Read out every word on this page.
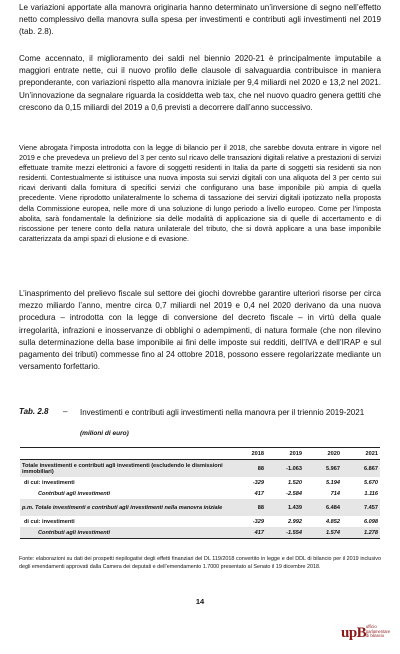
Le variazioni apportate alla manovra originaria hanno determinato un’inversione di segno nell’effetto netto complessivo della manovra sulla spesa per investimenti e contributi agli investimenti nel 2019 (tab. 2.8).

Come accennato, il miglioramento dei saldi nel biennio 2020-21 è principalmente imputabile a maggiori entrate nette, cui il nuovo profilo delle clausole di salvaguardia contribuisce in maniera preponderante, con variazioni rispetto alla manovra iniziale per 9,4 miliardi nel 2020 e 13,2 nel 2021. Un’innovazione da segnalare riguarda la cosiddetta web tax, che nel nuovo quadro genera gettiti che crescono da 0,15 miliardi del 2019 a 0,6 previsti a decorrere dall’anno successivo.

Viene abrogata l’imposta introdotta con la legge di bilancio per il 2018, che sarebbe dovuta entrare in vigore nel 2019 e che prevedeva un prelievo del 3 per cento sul ricavo delle transazioni digitali relative a prestazioni di servizi effettuate tramite mezzi elettronici a favore di soggetti residenti in Italia da parte di soggetti sia residenti sia non residenti. Contestualmente si istituisce una nuova imposta sui servizi digitali con una aliquota del 3 per cento sui ricavi derivanti dalla fornitura di specifici servizi che configurano una base imponibile più ampia di quella precedente. Viene riprodotto unilateralmente lo schema di tassazione dei servizi digitali ipotizzato nella proposta della Commissione europea, nelle more di una soluzione di lungo periodo a livello europeo. Come per l’imposta abolita, sarà fondamentale la definizione sia delle modalità di applicazione sia di quelle di accertamento e di riscossione per tenere conto della natura unilaterale del tributo, che si dovrà applicare a una base imponibile caratterizzata da ampi spazi di elusione e di evasione.

L’inasprimento del prelievo fiscale sul settore dei giochi dovrebbe garantire ulteriori risorse per circa mezzo miliardo l’anno, mentre circa 0,7 miliardi nel 2019 e 0,4 nel 2020 derivano da una nuova procedura – introdotta con la legge di conversione del decreto fiscale – in virtù della quale irregolarità, infrazioni e inosservanze di obblighi o adempimenti, di natura formale (che non rilevino sulla determinazione della base imponibile ai fini delle imposte sui redditi, dell’IVA e dell’IRAP e sul pagamento dei tributi) commesse fino al 24 ottobre 2018, possono essere regolarizzate mediante un versamento forfettario.

Tab. 2.8 – Investimenti e contributi agli investimenti nella manovra per il triennio 2019-2021
(milioni di euro)
	2018	2019	2020	2021
Totale investimenti e contributi agli investimenti (escludendo le dismissioni immobiliari)	88	-1.063	5.967	6.867
di cui: investimenti	-329	1.520	5.194	5.670
Contributi agli investimenti	417	-2.584	714	1.116
p.m. Totale investimenti e contributi agli investimenti nella manovra iniziale	88	1.439	6.484	7.457
di cui: investimenti	-329	2.992	4.852	6.098
Contributi agli investimenti	417	-1.554	1.574	1.278

Fonte: elaborazioni su dati dei prospetti riepilogativi degli effetti finanziari del DL 119/2018 convertito in legge e del DDL di bilancio per il 2019 inclusivo degli emendamenti approvati dalla Camera dei deputati e dell’emendamento 1.7000 presentato al Senato il 19 dicembre 2018.

14
upB ufficio
parlamentare
di bilancio
